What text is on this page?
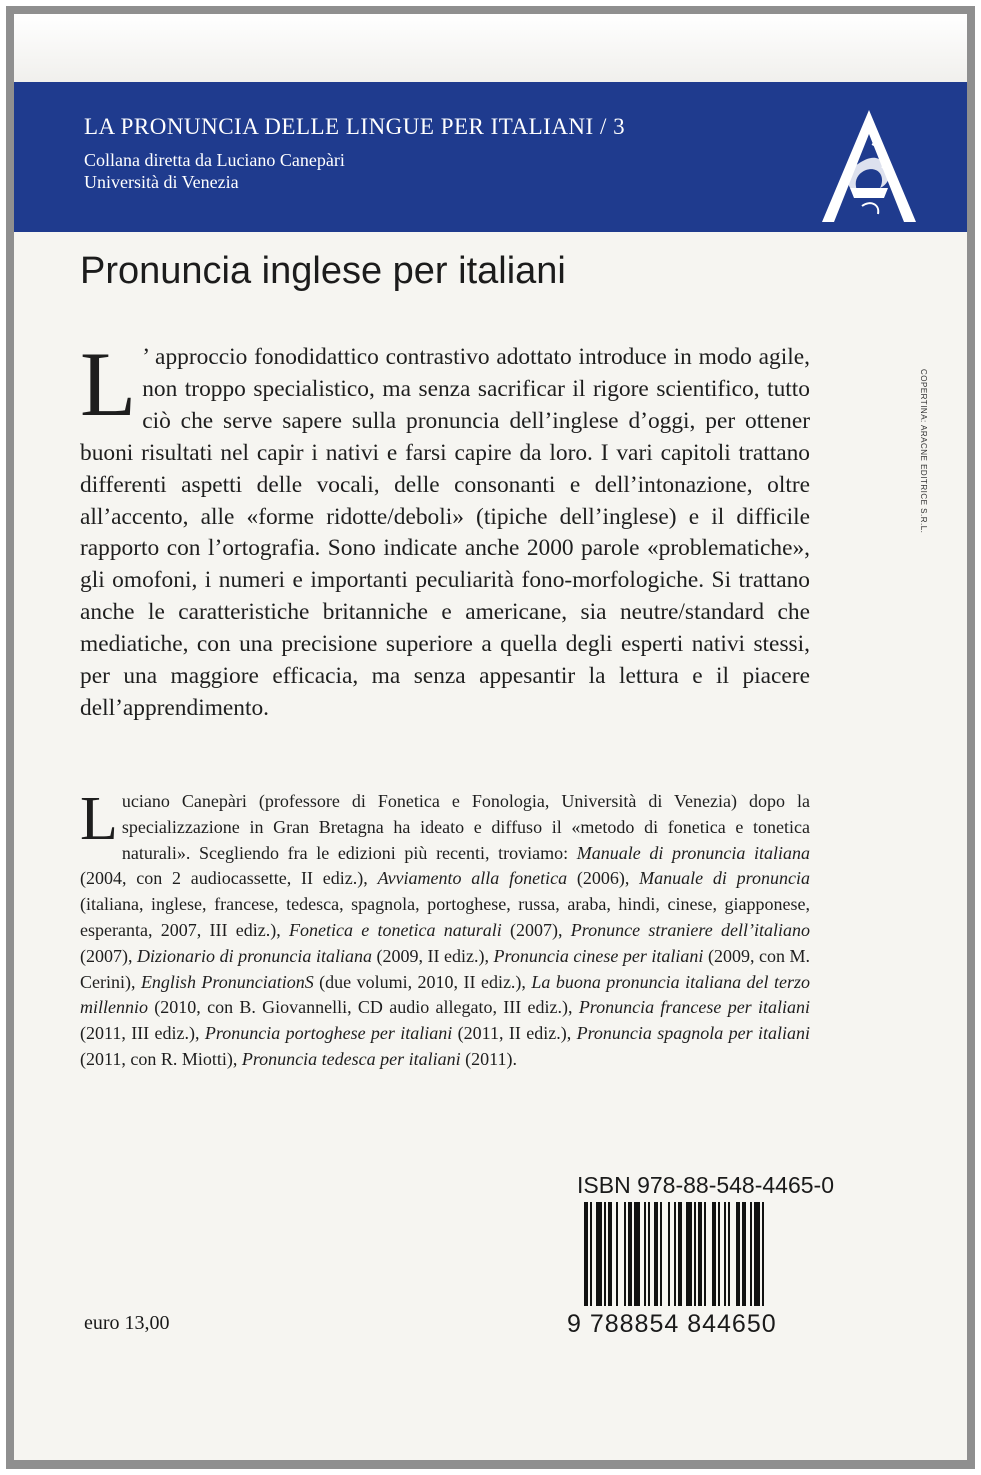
LA PRONUNCIA DELLE LINGUE PER ITALIANI / 3
Collana diretta da Luciano Canepàri
Università di Venezia
Pronuncia inglese per italiani
L ’ approccio fonodidattico contrastivo adottato introduce in modo agile, non troppo specialistico, ma senza sacrificar il rigore scientifico, tutto ciò che serve sapere sulla pronuncia dell’inglese d’oggi, per ottener buoni risultati nel capir i nativi e farsi capire da loro. I vari capitoli trattano differenti aspetti delle vocali, delle consonanti e dell’intonazione, oltre all’accento, alle «forme ridotte/deboli» (tipiche dell’inglese) e il difficile rapporto con l’ortografia. Sono indicate anche 2000 parole «problematiche», gli omofoni, i numeri e importanti peculiarità fono-morfologiche. Si trattano anche le caratteristiche britanniche e americane, sia neutre/standard che mediatiche, con una precisione superiore a quella degli esperti nativi stessi, per una maggiore efficacia, ma senza appesantir la lettura e il piacere dell’apprendimento.
Luciano Canepàri (professore di Fonetica e Fonologia, Università di Venezia) dopo la specializzazione in Gran Bretagna ha ideato e diffuso il «metodo di fonetica e tonetica naturali». Scegliendo fra le edizioni più recenti, troviamo: Manuale di pronuncia italiana (2004, con 2 audiocassette, II ediz.), Avviamento alla fonetica (2006), Manuale di pronuncia (italiana, inglese, francese, tedesca, spagnola, portoghese, russa, araba, hindi, cinese, giapponese, esperanta, 2007, III ediz.), Fonetica e tonetica naturali (2007), Pronunce straniere dell’italiano (2007), Dizionario di pronuncia italiana (2009, II ediz.), Pronuncia cinese per italiani (2009, con M. Cerini), English PronunciationS (due volumi, 2010, II ediz.), La buona pronuncia italiana del terzo millennio (2010, con B. Giovannelli, CD audio allegato, III ediz.), Pronuncia francese per italiani (2011, III ediz.), Pronuncia portoghese per italiani (2011, II ediz.), Pronuncia spagnola per italiani (2011, con R. Miotti), Pronuncia tedesca per italiani (2011).
COPERTINA: ARACNE EDITRICE S.R.L.
ISBN 978-88-548-4465-0
9 788854 844650
euro 13,00
